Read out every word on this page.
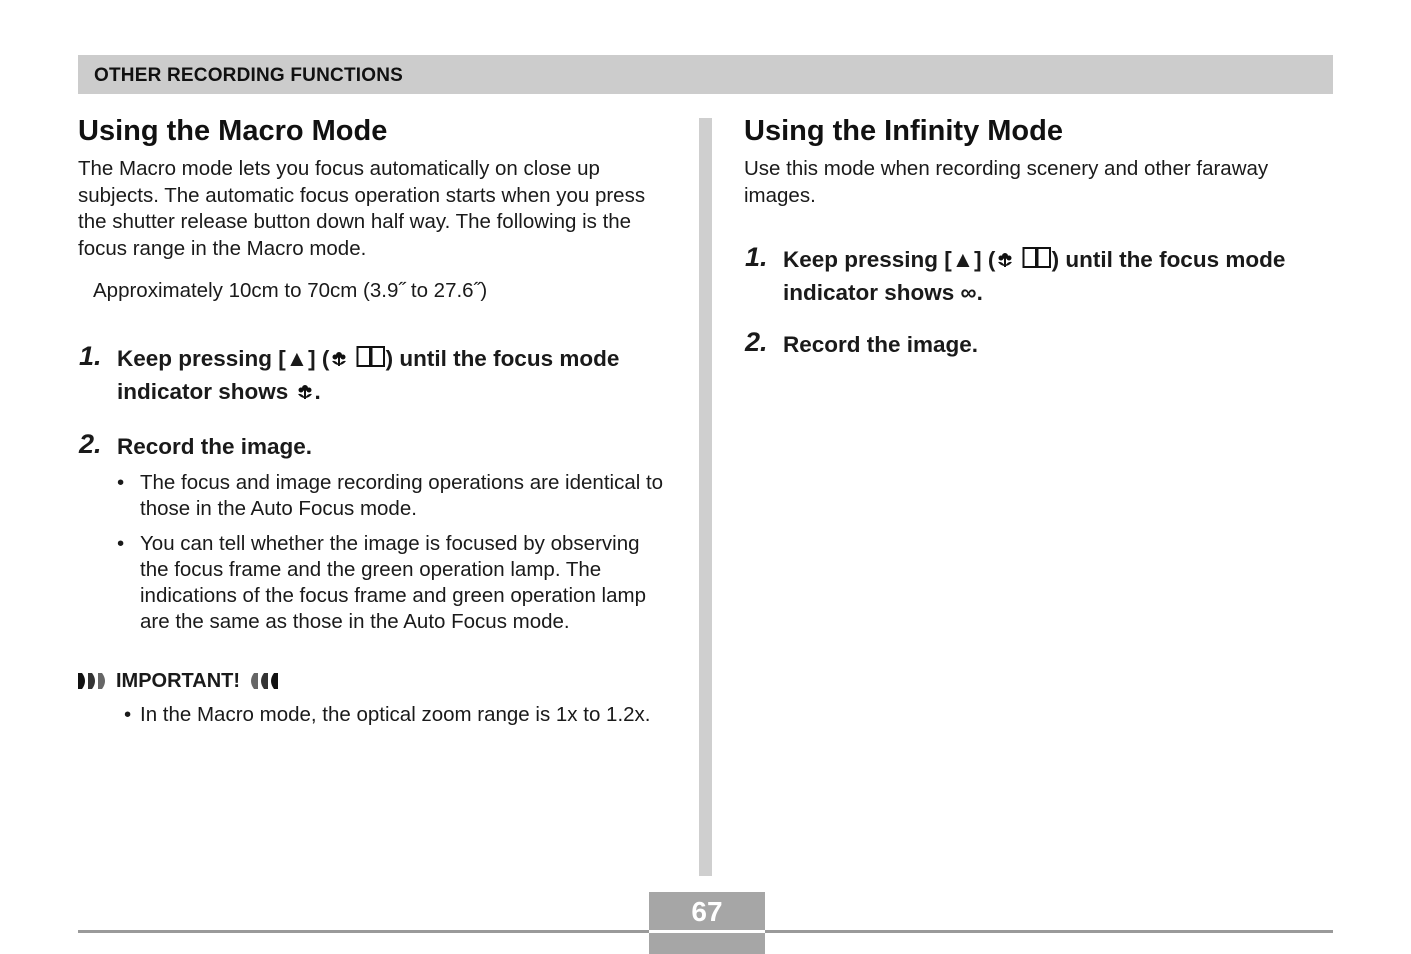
OTHER RECORDING FUNCTIONS
Using the Macro Mode

The Macro mode lets you focus automatically on close up subjects. The automatic focus operation starts when you press the shutter release button down half way. The following is the focus range in the Macro mode.

Approximately 10cm to 70cm (3.9˝ to 27.6˝)

1. Keep pressing [▲] (	) until the focus mode indicator shows .
2. Record the image.
• The focus and image recording operations are identical to those in the Auto Focus mode.
• You can tell whether the image is focused by observing the focus frame and the green operation lamp. The indications of the focus frame and green operation lamp are the same as those in the Auto Focus mode.
IMPORTANT!
• In the Macro mode, the optical zoom range is 1x to 1.2x.
Using the Infinity Mode

Use this mode when recording scenery and other faraway images.

1. Keep pressing [▲] (	) until the focus mode indicator shows ∞.
2. Record the image.
67
